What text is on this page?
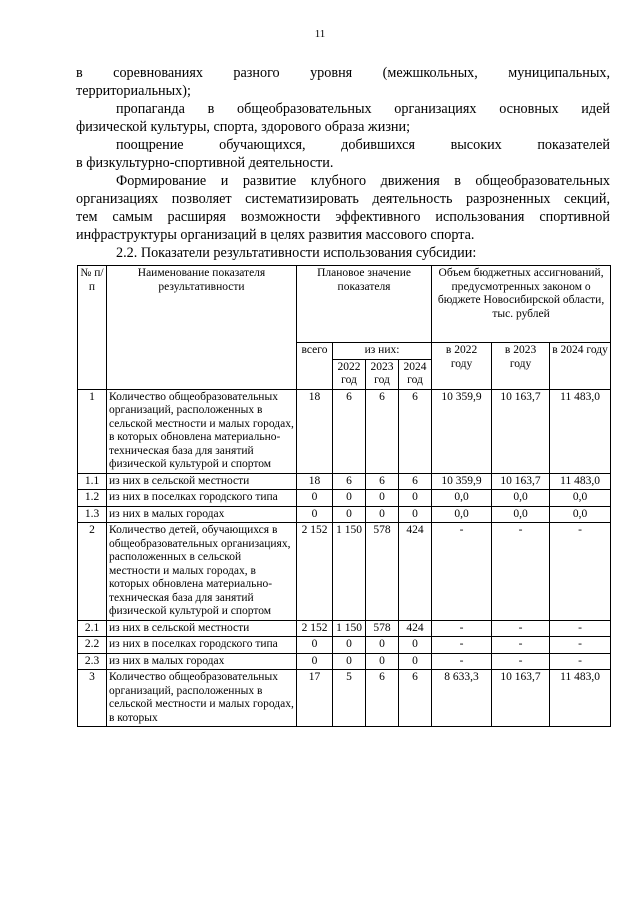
11
в соревнованиях разного уровня (межшкольных, муниципальных,
территориальных);
пропаганда в общеобразовательных организациях основных идей
физической культуры, спорта, здорового образа жизни;
поощрение обучающихся, добившихся высоких показателей
в физкультурно-спортивной деятельности.
Формирование и развитие клубного движения в общеобразовательных
организациях позволяет систематизировать деятельность разрозненных секций,
тем самым расширяя возможности эффективного использования спортивной
инфраструктуры организаций в целях развития массового спорта.
2.2. Показатели результативности использования субсидии:
№ п/п	Наименование показателя результативности	Плановое значение показателя				Объем бюджетных ассигнований, предусмотренных законом о бюджете Новосибирской области, тыс. рублей		
		всего	из них:			в 2022 году	в 2023 году	в 2024 году
			2022 год	2023 год	2024 год			
1	Количество общеобразовательных организаций, расположенных в сельской местности и малых городах, в которых обновлена материально-техническая база для занятий физической культурой и спортом	18	6	6	6	10 359,9	10 163,7	11 483,0
1.1	из них в сельской местности	18	6	6	6	10 359,9	10 163,7	11 483,0
1.2	из них в поселках городского типа	0	0	0	0	0,0	0,0	0,0
1.3	из них в малых городах	0	0	0	0	0,0	0,0	0,0
2	Количество детей, обучающихся в общеобразовательных организациях, расположенных в сельской местности и малых городах, в которых обновлена материально-техническая база для занятий физической культурой и спортом	2 152	1 150	578	424	-	-	-
2.1	из них в сельской местности	2 152	1 150	578	424	-	-	-
2.2	из них в поселках городского типа	0	0	0	0	-	-	-
2.3	из них в малых городах	0	0	0	0	-	-	-
3	Количество общеобразовательных организаций, расположенных в сельской местности и малых городах, в которых	17	5	6	6	8 633,3	10 163,7	11 483,0
